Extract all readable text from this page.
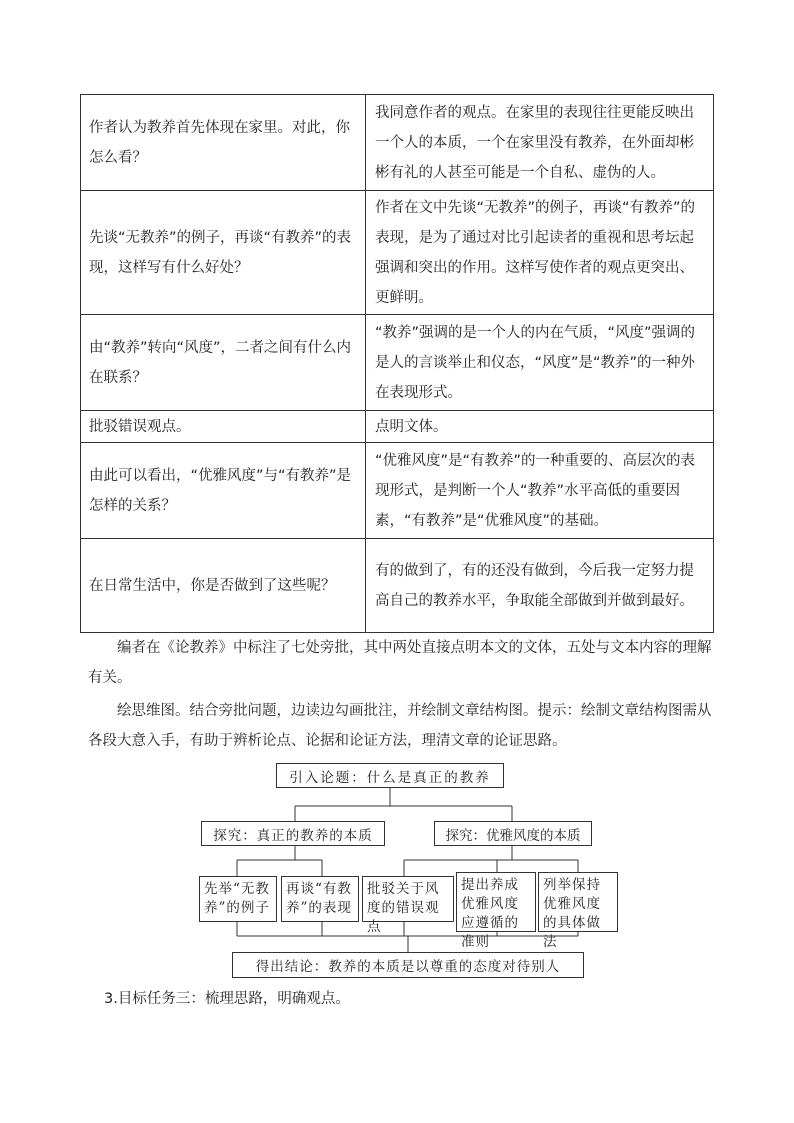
作者认为教养首先体现在家里。对此，你怎么看？	我同意作者的观点。在家里的表现往往更能反映出一个人的本质，一个在家里没有教养，在外面却彬彬有礼的人甚至可能是一个自私、虚伪的人。
先谈“无教养”的例子，再谈“有教养”的表现，这样写有什么好处？	作者在文中先谈“无教养”的例子，再谈“有教养”的表现，是为了通过对比引起读者的重视和思考坛起强调和突出的作用。这样写使作者的观点更突出、更鲜明。
由“教养”转向“风度”，二者之间有什么内在联系？	“教养”强调的是一个人的内在气质，“风度”强调的是人的言谈举止和仪态，“风度”是“教养”的一种外在表现形式。
批驳错误观点。	点明文体。
由此可以看出，“优雅风度”与“有教养”是怎样的关系？	“优雅风度”是“有教养”的一种重要的、高层次的表现形式，是判断一个人“教养”水平高低的重要因素，“有教养”是“优雅风度”的基础。
在日常生活中，你是否做到了这些呢？	有的做到了，有的还没有做到，今后我一定努力提高自己的教养水平，争取能全部做到并做到最好。
编者在《论教养》中标注了七处旁批，其中两处直接点明本文的文体，五处与文本内容的理解有关。
绘思维图。结合旁批问题，边读边勾画批注，并绘制文章结构图。提示：绘制文章结构图需从各段大意入手，有助于辨析论点、论据和论证方法，理清文章的论证思路。
引入论题：什么是真正的教养
探究：真正的教养的本质	探究：优雅风度的本质
先举“无教养”的例子
再谈“有教养”的表现
批驳关于风度的错误观点
提出养成优雅风度应遵循的准则
列举保持优雅风度的具体做法
得出结论：教养的本质是以尊重的态度对待别人
3.目标任务三：梳理思路，明确观点。
